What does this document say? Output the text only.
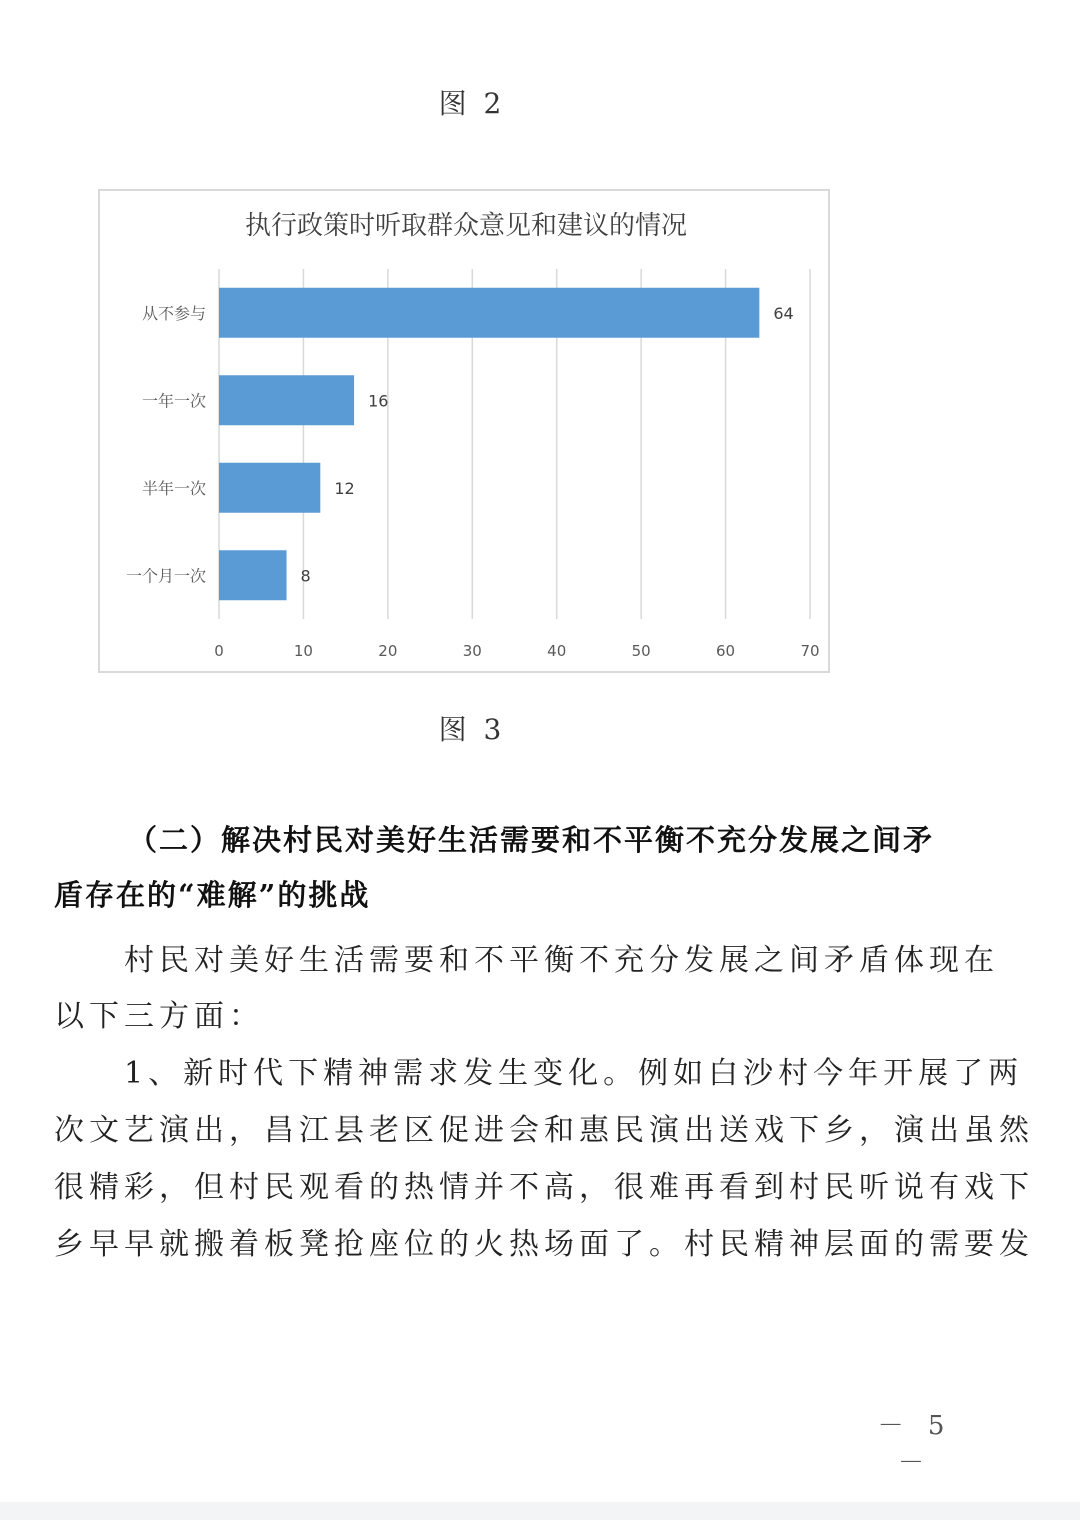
图 2
执行政策时听取群众意见和建议的情况
0	10	20	30	40	50	60	70
64
从不参与
16
一年一次
12
半年一次
8
一个月一次
图 3
（二）解决村民对美好生活需要和不平衡不充分发展之间矛
盾存在的“难解”的挑战
　　村民对美好生活需要和不平衡不充分发展之间矛盾体现在
以下三方面：
　　1、新时代下精神需求发生变化。例如白沙村今年开展了两
次文艺演出，昌江县老区促进会和惠民演出送戏下乡，演出虽然
很精彩，但村民观看的热情并不高，很难再看到村民听说有戏下
乡早早就搬着板凳抢座位的火热场面了。村民精神层面的需要发
－ 5 －
